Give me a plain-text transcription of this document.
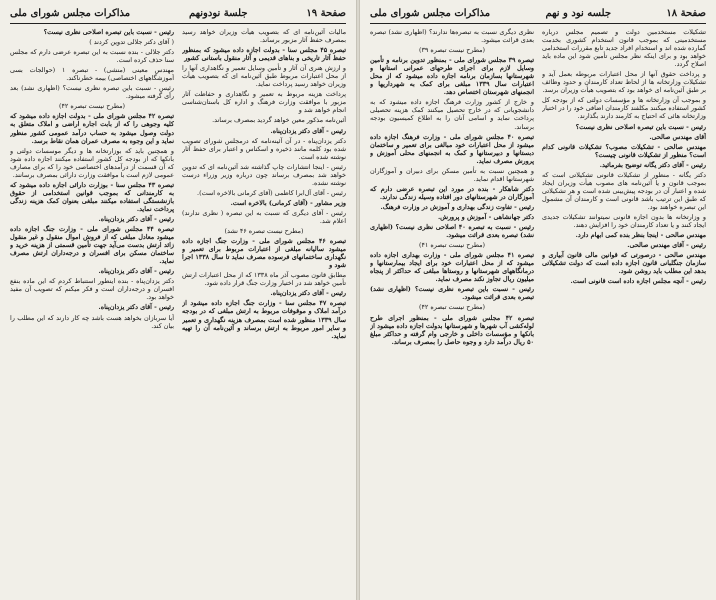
صفحة ١٩
جلسة نودونهم
مذاکرات مجلس شورای ملی

مالیات آئین‌نامه ای که بتصویب هیأت وزیران خواهد رسید بمصرف حفظ آثار مزبور برساند.

تبصره ۴۵ مجلس سنا - بدولت اجازه داده میشود که بمنظور حفظ آثار تاریخی و بناهای قدیمی و آثار منقول باستانی کشور

و ارزش هنری آن آثار و تأمین وسایل تعمیر و نگاهداری آنها را از محل اعتبارات مربوط طبق آئین‌نامه ای که بتصویب هیأت وزیران خواهد رسید پرداخت نماید.

پرداخت هزینه مربوط به تعمیر و نگاهداری و حفاظت آثار مزبور با موافقت وزارت فرهنگ و اداره کل باستان‌شناسی انجام خواهد شد و

آئین‌نامه مذکور معین خواهد گردید بمصرف برساند.

رئیس - آقای دکتر یزدان‌پناه.

دکتر یزدان‌پناه - در آن آئینه‌نامه که درمجلس شورای تصویب شده بود کلمه مانند ذخیره و اسکناس و اعتبار برای حفظ آثار نوشته شده است.

رئیس - اینجا انتشارات چاپ گذاشته شد آئین‌نامه ای که تدوین خواهد شد بمصرف برساند چون درباره وزیر وزراء درست نوشته نشده.

رئیس - آقای آل‌ابرا کاظمی (آقای کرمانی بالاخره است).

وزیر مشاور - (آقای کرمانی) بالاخره است.

رئیس - آقای دیگری که نسبت به این تبصره ( نظری ندارند) اعلام شد.

(مطرح نیست تبصره ۴۶ نشد)

تبصره ۴۶ مجلس شورای ملی - وزارت جنگ اجازه داده میشود سالیانه مبلغی از اعتبارات مربوط برای تعمیر و نگهداری ساختمانهای فرسوده مصرف نماید تا سال ۱۳۳۸ اجرا شود و

مطابق قانون مصوب آذر ماه ۱۳۳۸ که از محل اعتبارات ارتش تأمین خواهد شد در اختیار وزارت جنگ قرار داده شود.

رئیس - آقای دکتر یزدان‌پناه.

تبصره ۴۷ مجلس سنا - وزارت جنگ اجازه داده میشود از درآمد املاک و موقوفات مربوط به ارتش مبلغی که در بودجه سال ۱۳۳۹ منظور شده است بمصرف هزینه نگهداری و تعمیر و سایر امور مربوط به ارتش برساند و آئین‌نامه آن را تهیه نماید.

رئیس - نسبت باین تبصره اصلاحی نظری نیست؟

( آقای دکتر جلالی تدوین کردند )

دکتر جلالی - بنده نسبت به این تبصره عرضی دارم که مجلس سنا حذف کرده است.

مهندس معینی (منشی) - تبصره ۱ (حوالجات بسی آموزشگاههای اختصاصی) بیمه خطرناکند.

رئیس - نسبت باین تبصره نظری نیست؟ (اظهاری نشد) بعد رأی گرفته میشود.

(مطرح نیست تبصره ۴۲)

تبصره ۴۲ مجلس شورای ملی - بدولت اجازه داده میشود که کلیه وجوهی را که از بابت اجاره اراضی و املاک متعلق به دولت وصول میشود به حساب درآمد عمومی کشور منظور نماید و این وجوه به مصرف عمران همان نقاط برسد.

و همچنین باید که بوزارتخانه ها و دیگر موسسات دولتی و بانکها که از بودجه کل کشور استفاده میکنند اجازه داده شود که آن قسمت از درآمدهای اختصاصی خود را که برای مصارف عمومی لازم است با موافقت وزارت دارائی بمصرف برسانند.

تبصره ۴۳ مجلس سنا - بوزارت دارائی اجازه داده میشود که به کارمندانی که بموجب قوانین استخدامی از حقوق بازنشستگی استفاده میکنند مبلغی بعنوان کمک هزینه زندگی پرداخت نماید.

رئیس - آقای دکتر یزدان‌پناه.

تبصره ۴۴ مجلس شورای ملی - وزارت جنگ اجازه داده میشود معادل مبلغی که از فروش اموال منقول و غیر منقول زائد ارتش بدست می‌آید جهت تأمین قسمتی از هزینه خرید و ساختمان مسکن برای افسران و درجه‌داران ارتش مصرف نماید.

رئیس - آقای دکتر یزدان‌پناه.

دکتر یزدان‌پناه - بنده اینطور استنباط کردم که این ماده بنفع افسران و درجه‌داران است و فکر میکنم که تصویب آن مفید خواهد بود.

رئیس - آقای دکتر یزدان‌پناه.

آیا سربازان بخواهد هست باشد چه کار دارند که این مطلب را بیان کند.

صفحة ١٨
جلسه نود و نهم
مذاکرات مجلس شورای ملی

تشکیلات مستخدمین دولت و تصمیم مجلس درباره مستخدمینی که بموجب قانون استخدام کشوری بخدمت گمارده شده اند و استخدام افراد جدید تابع مقررات استخدامی خواهد بود و برای اینکه نظر مجلس تأمین شود این ماده باید اصلاح گردد.

و پرداخت حقوق آنها از محل اعتبارات مربوطه بعمل آید و تشکیلات وزارتخانه ها از لحاظ تعداد کارمندان و حدود وظائف بر طبق آئین‌نامه ای خواهد بود که بتصویب هیأت وزیران برسد.

و بموجب آن وزارتخانه ها و مؤسسات دولتی که از بودجه کل کشور استفاده میکنند مکلفند کارمندان اضافی خود را در اختیار وزارتخانه هائی که احتیاج به کارمند دارند بگذارند.

رئیس - نسبت باین تبصره اصلاحی نظری نیست؟

آقای مهندس صالحی.

مهندس صالحی - تشکیلات مصوب؟ تشکیلات قانونی کدام است؟ منظور از تشکیلات قانونی چیست؟

رئیس - آقای دکتر یگانه توضیح بفرمائید.

دکتر یگانه - منظور از تشکیلات قانونی تشکیلاتی است که بموجب قانون و یا آئین‌نامه های مصوب هیأت وزیران ایجاد شده و اعتبار آن در بودجه پیش‌بینی شده است و هر تشکیلاتی که طبق این ترتیب باشد قانونی است و کارمندان آن مشمول این تبصره خواهند بود.

و وزارتخانه ها بدون اجازه قانونی نمیتوانند تشکیلات جدیدی ایجاد کنند و یا تعداد کارمندان خود را افزایش دهند.

مهندس صالحی - اینجا بنظر بنده کمی ابهام دارد.

رئیس - آقای مهندس صالحی.

مهندس صالحی - درصورتی که قوانین مالی قانون آبیاری و سازمان جنگلبانی قانون اجازه داده است که دولت تشکیلاتی بدهد این مطلب باید روشن شود.

رئیس - آنچه مجلس اجازه داده است قانونی است.

نظری دیگری نسبت به تبصره‌ها ندارند؟ (اظهاری نشد) تبصره بعدی قرائت میشود.

(مطرح نیست تبصره ۳۹)

تبصره ۳۹ مجلس شورای ملی - بمنظور تدوین برنامه و تأمین وسایل لازم برای اجرای طرحهای عمرانی استانها و شهرستانها بسازمان برنامه اجازه داده میشود که از محل اعتبارات سال ۱۳۳۹ مبلغی برای کمک به شهرداریها و انجمنهای شهرستان اختصاص دهد.

و خارج از کشور وزارت فرهنگ اجازه داده میشود که به دانشجویانی که در خارج تحصیل میکنند کمک هزینه تحصیلی پرداخت نماید و اسامی آنان را به اطلاع کمیسیون بودجه برساند.

تبصره ۴۰ مجلس شورای ملی - وزارت فرهنگ اجازه داده میشود از محل اعتبارات خود مبالغی برای تعمیر و ساختمان دبستانها و دبیرستانها و کمک به انجمنهای محلی آموزش و پرورش مصرف نماید.

و همچنین نسبت به تأمین مسکن برای دبیران و آموزگاران شهرستانها اقدام نماید.

دکتر شاهکار - بنده در مورد این تبصره عرضی دارم که آموزگاران در شهرستانهای دور افتاده وسیله زندگی ندارند.

رئیس - تفاوت زندگی بهداری و آموزش در وزارت فرهنگ.

دکتر جهانشاهی - آموزش و پرورش.

رئیس - نسبت به تبصره ۴۰ اصلاحی نظری نیست؟ (اظهاری نشد) تبصره بعدی قرائت میشود.

(مطرح نیست تبصره ۴۱)

تبصره ۴۱ مجلس شورای ملی - وزارت بهداری اجازه داده میشود که از محل اعتبارات خود برای ایجاد بیمارستانها و درمانگاههای شهرستانها و روستاها مبلغی که حداکثر از پنجاه میلیون ریال تجاوز نکند مصرف نماید.

رئیس - نسبت باین تبصره نظری نیست؟ (اظهاری نشد) تبصره بعدی قرائت میشود.

(مطرح نیست تبصره ۴۲)

تبصره ۴۲ مجلس شورای ملی - بمنظور اجرای طرح لوله‌کشی آب شهرها و شهرستانها بدولت اجازه داده میشود از بانکها و مؤسسات داخلی و خارجی وام گرفته و حداکثر مبلغ ۵۰ ریال درآمد دارد و وجوه حاصل را بمصرف برساند.
